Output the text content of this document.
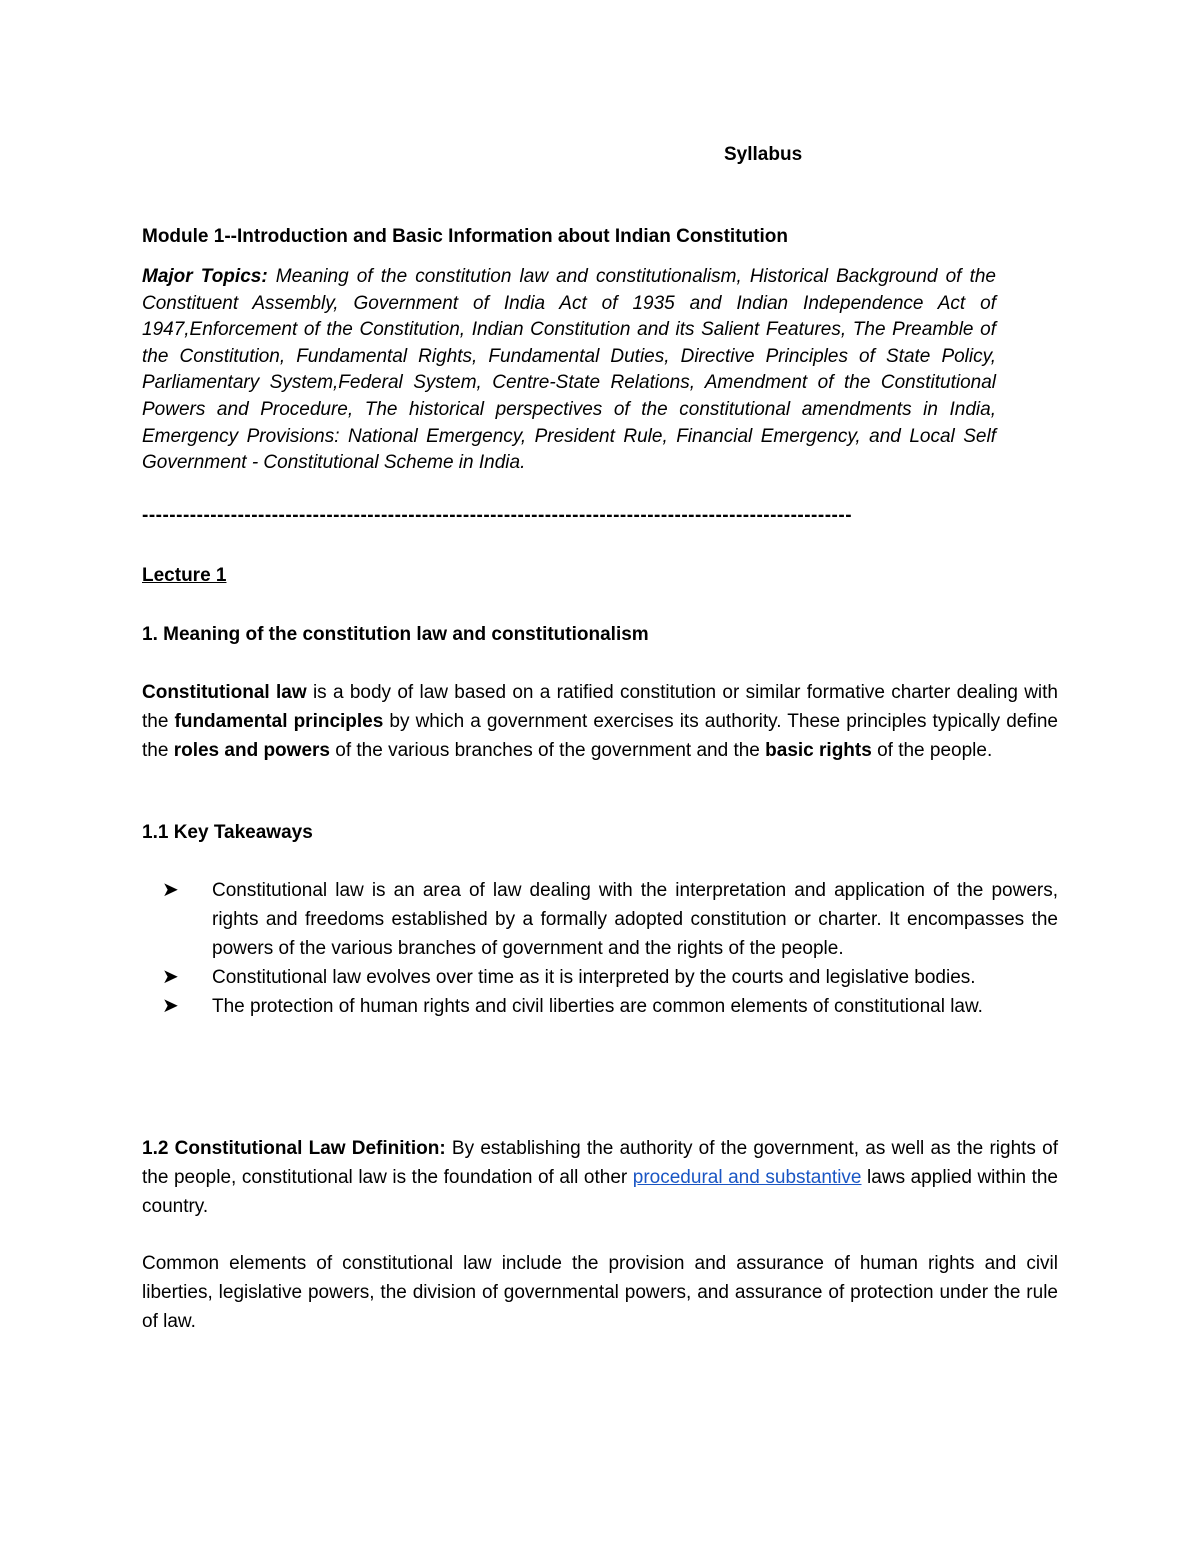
Syllabus
Module 1--Introduction and Basic Information about Indian Constitution
Major Topics: Meaning of the constitution law and constitutionalism, Historical Background of the Constituent Assembly, Government of India Act of 1935 and Indian Independence Act of 1947,Enforcement of the Constitution, Indian Constitution and its Salient Features, The Preamble of the Constitution, Fundamental Rights, Fundamental Duties, Directive Principles of State Policy, Parliamentary System,Federal System, Centre-State Relations, Amendment of the Constitutional Powers and Procedure, The historical perspectives of the constitutional amendments in India, Emergency Provisions: National Emergency, President Rule, Financial Emergency, and Local Self Government - Constitutional Scheme in India.
--------------------------------------------------------------------------------------------------------
Lecture 1
1. Meaning of the constitution law and constitutionalism
Constitutional law is a body of law based on a ratified constitution or similar formative charter dealing with the fundamental principles by which a government exercises its authority. These principles typically define the roles and powers of the various branches of the government and the basic rights of the people.
1.1 Key Takeaways
➤ Constitutional law is an area of law dealing with the interpretation and application of the powers, rights and freedoms established by a formally adopted constitution or charter. It encompasses the powers of the various branches of government and the rights of the people.
➤ Constitutional law evolves over time as it is interpreted by the courts and legislative bodies.
➤ The protection of human rights and civil liberties are common elements of constitutional law.
1.2 Constitutional Law Definition: By establishing the authority of the government, as well as the rights of the people, constitutional law is the foundation of all other procedural and substantive laws applied within the country.
Common elements of constitutional law include the provision and assurance of human rights and civil liberties, legislative powers, the division of governmental powers, and assurance of protection under the rule of law.
